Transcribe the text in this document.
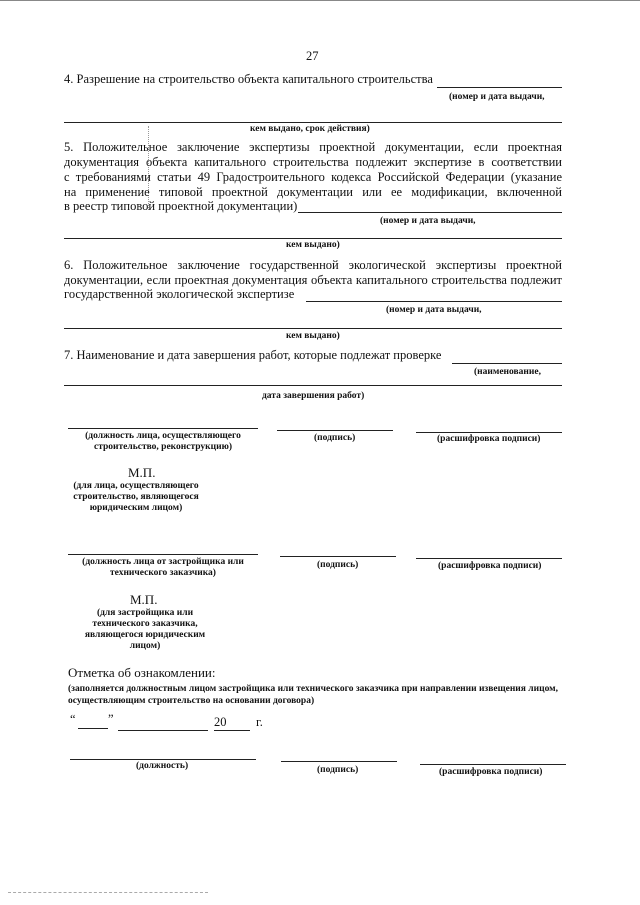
27
4. Разрешение на строительство объекта капитального строительства
(номер и дата выдачи,
кем выдано, срок действия)
5. Положительное заключение экспертизы проектной документации, если проектная
документация объекта капитального строительства подлежит экспертизе в соответствии
с требованиями статьи 49 Градостроительного кодекса Российской Федерации (указание
на применение типовой проектной документации или ее модификации, включенной
в реестр типовой проектной документации)
(номер и дата выдачи,
кем выдано)
6. Положительное заключение государственной экологической экспертизы проектной
документации, если проектная документация объекта капитального строительства подлежит
государственной экологической экспертизе
(номер и дата выдачи,
кем выдано)
7. Наименование и дата завершения работ, которые подлежат проверке
(наименование,
дата завершения работ)
(должность лица, осуществляющего строительство, реконструкцию)
(подпись)	(расшифровка подписи)
М.П.
(для лица, осуществляющего строительство, являющегося юридическим лицом)
(должность лица от застройщика или технического заказчика)
(подпись)	(расшифровка подписи)
М.П.
(для застройщика или технического заказчика, являющегося юридическим лицом)
Отметка об ознакомлении:
(заполняется должностным лицом застройщика или технического заказчика при направлении извещения лицом,
осуществляющим строительство на основании договора)
“	”	20 г.
(должность)	(подпись)	(расшифровка подписи)
